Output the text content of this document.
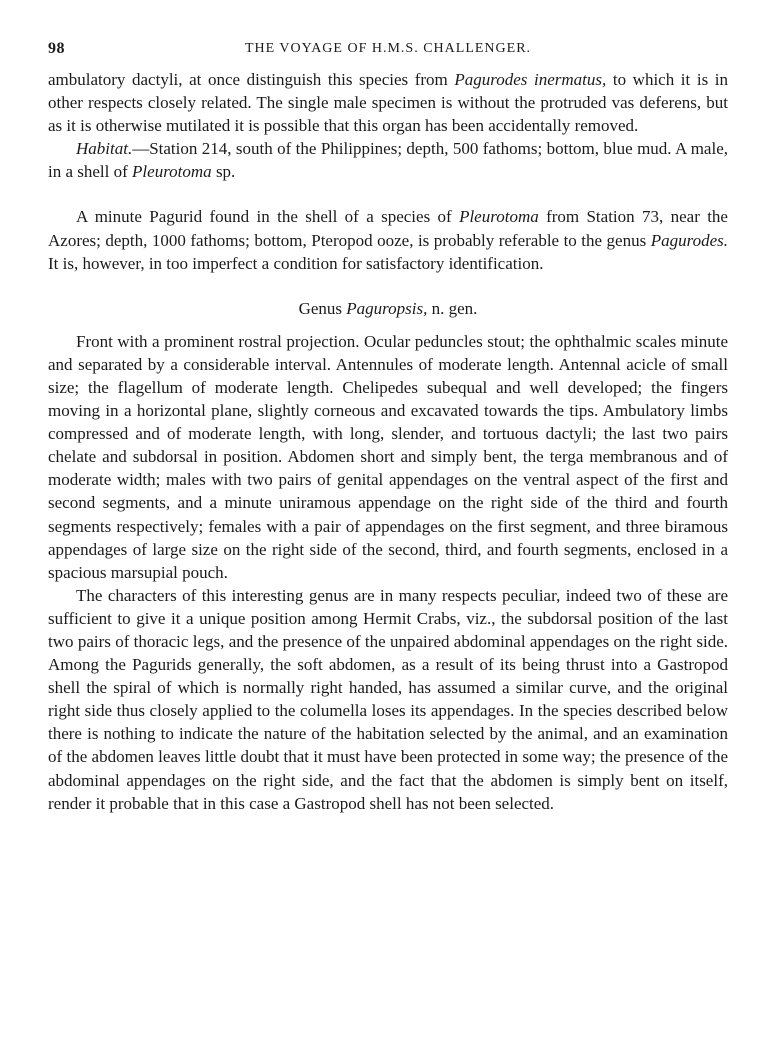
98	THE VOYAGE OF H.M.S. CHALLENGER.

ambulatory dactyli, at once distinguish this species from Pagurodes inermatus, to which it is in other respects closely related. The single male specimen is without the protruded vas deferens, but as it is otherwise mutilated it is possible that this organ has been accidentally removed.

Habitat.—Station 214, south of the Philippines; depth, 500 fathoms; bottom, blue mud. A male, in a shell of Pleurotoma sp.

A minute Pagurid found in the shell of a species of Pleurotoma from Station 73, near the Azores; depth, 1000 fathoms; bottom, Pteropod ooze, is probably referable to the genus Pagurodes. It is, however, in too imperfect a condition for satisfactory identification.

Genus Paguropsis, n. gen.

Front with a prominent rostral projection. Ocular peduncles stout; the ophthalmic scales minute and separated by a considerable interval. Antennules of moderate length. Antennal acicle of small size; the flagellum of moderate length. Chelipedes subequal and well developed; the fingers moving in a horizontal plane, slightly corneous and excavated towards the tips. Ambulatory limbs compressed and of moderate length, with long, slender, and tortuous dactyli; the last two pairs chelate and subdorsal in position. Abdomen short and simply bent, the terga membranous and of moderate width; males with two pairs of genital appendages on the ventral aspect of the first and second segments, and a minute uniramous appendage on the right side of the third and fourth segments respectively; females with a pair of appendages on the first segment, and three biramous appendages of large size on the right side of the second, third, and fourth segments, enclosed in a spacious marsupial pouch.

The characters of this interesting genus are in many respects peculiar, indeed two of these are sufficient to give it a unique position among Hermit Crabs, viz., the subdorsal position of the last two pairs of thoracic legs, and the presence of the unpaired abdominal appendages on the right side. Among the Pagurids generally, the soft abdomen, as a result of its being thrust into a Gastropod shell the spiral of which is normally right handed, has assumed a similar curve, and the original right side thus closely applied to the columella loses its appendages. In the species described below there is nothing to indicate the nature of the habitation selected by the animal, and an examination of the abdomen leaves little doubt that it must have been protected in some way; the presence of the abdominal appendages on the right side, and the fact that the abdomen is simply bent on itself, render it probable that in this case a Gastropod shell has not been selected.
